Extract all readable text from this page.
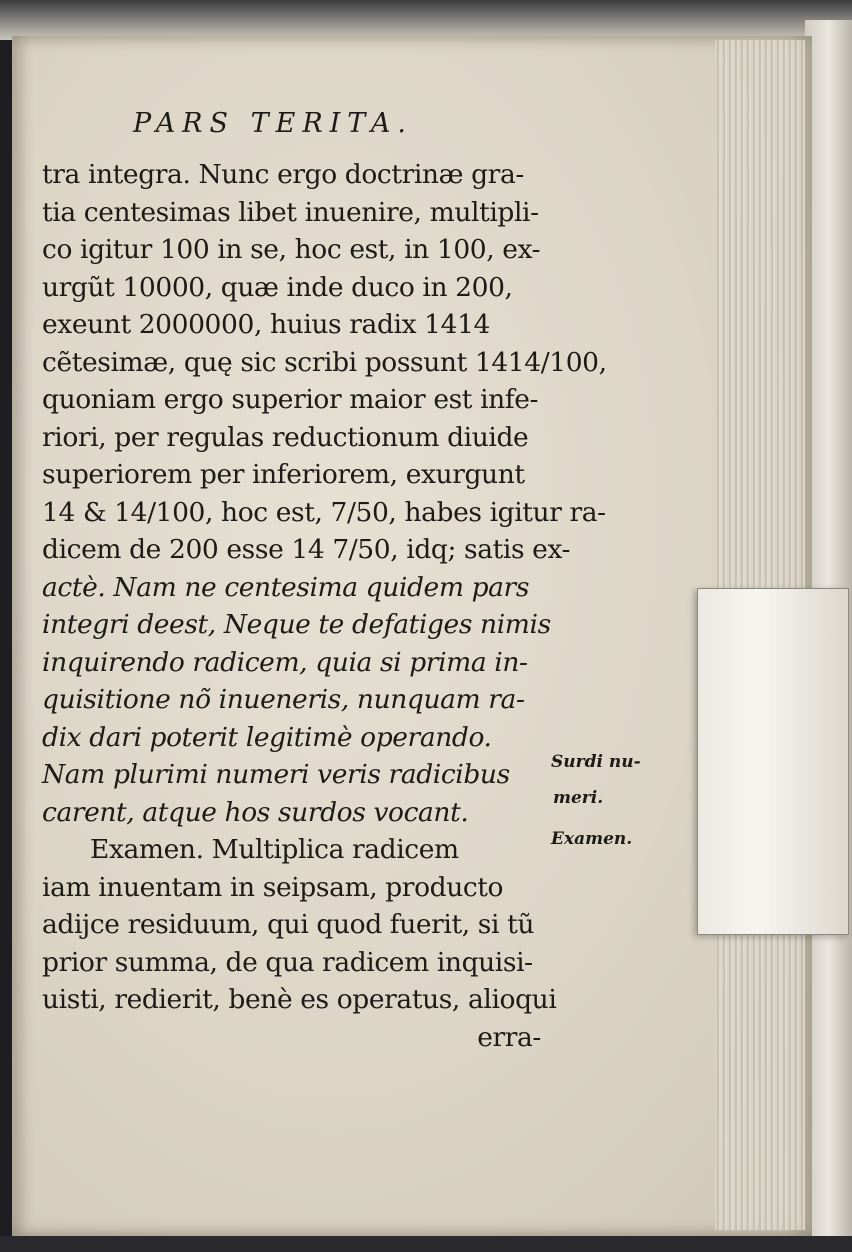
PARS TERITA.
tra integra. Nunc ergo doctrinæ gra-
tia centesimas libet inuenire, multipli-
co igitur 100 in se, hoc est, in 100, ex-
urgũt 10000, quæ inde duco in 200,
exeunt 2000000, huius radix 1414
cẽtesimæ, quę sic scribi possunt 1414/100,
quoniam ergo superior maior est infe-
riori, per regulas reductionum diuide
superiorem per inferiorem, exurgunt
14 & 14/100, hoc est, 7/50, habes igitur ra-
dicem de 200 esse 14 7/50, idq; satis ex-
actè. Nam ne centesima quidem pars
integri deest, Neque te defatiges nimis
inquirendo radicem, quia si prima in-
quisitione nõ inueneris, nunquam ra-
dix dari poterit legitimè operando.
Nam plurimi numeri veris radicibus
carent, atque hos surdos vocant.
Examen. Multiplica radicem
iam inuentam in seipsam, producto
adijce residuum, qui quod fuerit, si tũ
prior summa, de qua radicem inquisi-
uisti, redierit, benè es operatus, alioqui
erra-
Surdi nu-
meri.
Examen.
